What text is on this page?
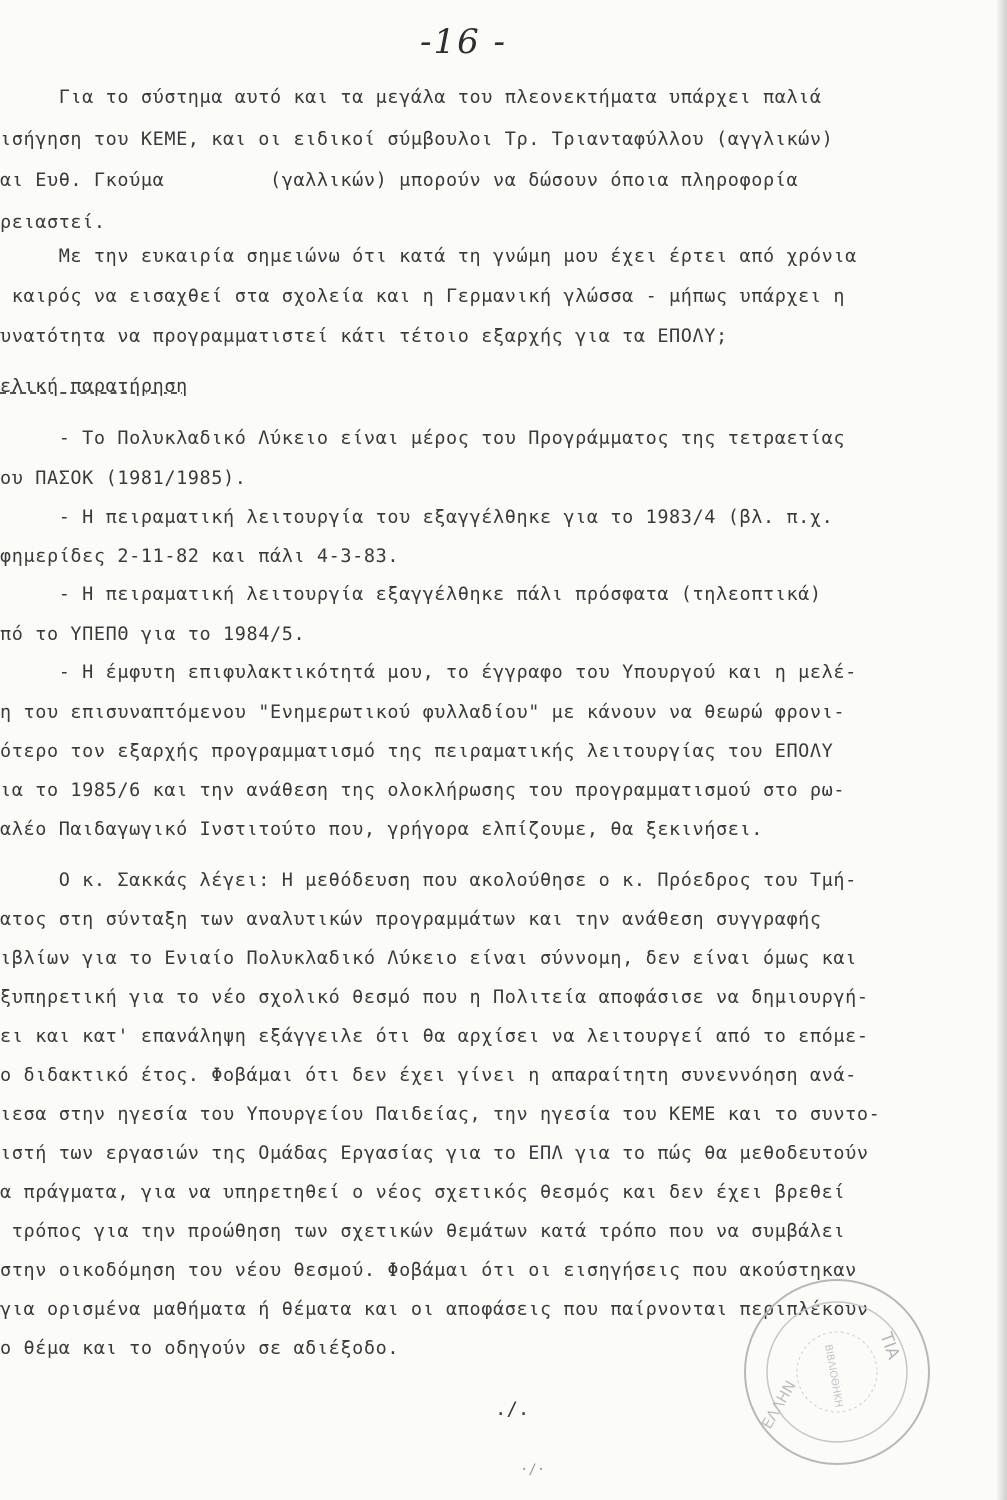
-16 -
Για το σύστημα αυτό και τα μεγάλα του πλεονεκτήματα υπάρχει παλιά
ισήγηση του ΚΕΜΕ, και οι ειδικοί σύμβουλοι Τρ. Τριανταφύλλου (αγγλικών)
αι Ευθ. Γκούμα         (γαλλικών) μπορούν να δώσουν όποια πληροφορία
ρειαστεί.
Με την ευκαιρία σημειώνω ότι κατά τη γνώμη μου έχει έρτει από χρόνια
καιρός να εισαχθεί στα σχολεία και η Γερμανική γλώσσα - μήπως υπάρχει η
υνατότητα να προγραμματιστεί κάτι τέτοιο εξαρχής για τα ΕΠΟΛΥ;
ελική παρατήρηση
- Το Πολυκλαδικό Λύκειο είναι μέρος του Προγράμματος της τετραετίας
ου ΠΑΣΟΚ (1981/1985).
- Η πειραματική λειτουργία του εξαγγέλθηκε για το 1983/4 (βλ. π.χ.
φημερίδες 2-11-82 και πάλι 4-3-83.
- Η πειραματική λειτουργία εξαγγέλθηκε πάλι πρόσφατα (τηλεοπτικά)
πό το ΥΠΕΠΘ για το 1984/5.
- Η έμφυτη επιφυλακτικότητά μου, το έγγραφο του Υπουργού και η μελέ-
η του επισυναπτόμενου "Ενημερωτικού φυλλαδίου" με κάνουν να θεωρώ φρονι-
ότερο τον εξαρχής προγραμματισμό της πειραματικής λειτουργίας του ΕΠΟΛΥ
ια το 1985/6 και την ανάθεση της ολοκλήρωσης του προγραμματισμού στο ρω-
αλέο Παιδαγωγικό Ινστιτούτο που, γρήγορα ελπίζουμε, θα ξεκινήσει.
Ο κ. Σακκάς λέγει: Η μεθόδευση που ακολούθησε ο κ. Πρόεδρος του Τμή-
ατος στη σύνταξη των αναλυτικών προγραμμάτων και την ανάθεση συγγραφής
ιβλίων για το Ενιαίο Πολυκλαδικό Λύκειο είναι σύννομη, δεν είναι όμως και
ξυπηρετική για το νέο σχολικό θεσμό που η Πολιτεία αποφάσισε να δημιουργή-
ει και κατ' επανάληψη εξάγγειλε ότι θα αρχίσει να λειτουργεί από το επόμε-
ο διδακτικό έτος. Φοβάμαι ότι δεν έχει γίνει η απαραίτητη συνεννόηση ανά-
ιεσα στην ηγεσία του Υπουργείου Παιδείας, την ηγεσία του ΚΕΜΕ και το συντο-
ιστή των εργασιών της Ομάδας Εργασίας για το ΕΠΛ για το πώς θα μεθοδευτούν
α πράγματα, για να υπηρετηθεί ο νέος σχετικός θεσμός και δεν έχει βρεθεί
τρόπος για την προώθηση των σχετικών θεμάτων κατά τρόπο που να συμβάλει
στην οικοδόμηση του νέου θεσμού. Φοβάμαι ότι οι εισηγήσεις που ακούστηκαν
για ορισμένα μαθήματα ή θέματα και οι αποφάσεις που παίρνονται περιπλέκουν
ο θέμα και το οδηγούν σε αδιέξοδο.	ΤΙΑ
ΕΛΛΗΝ ΒΙΒΛΙΟΘΗΚΗ
./.
·/·
